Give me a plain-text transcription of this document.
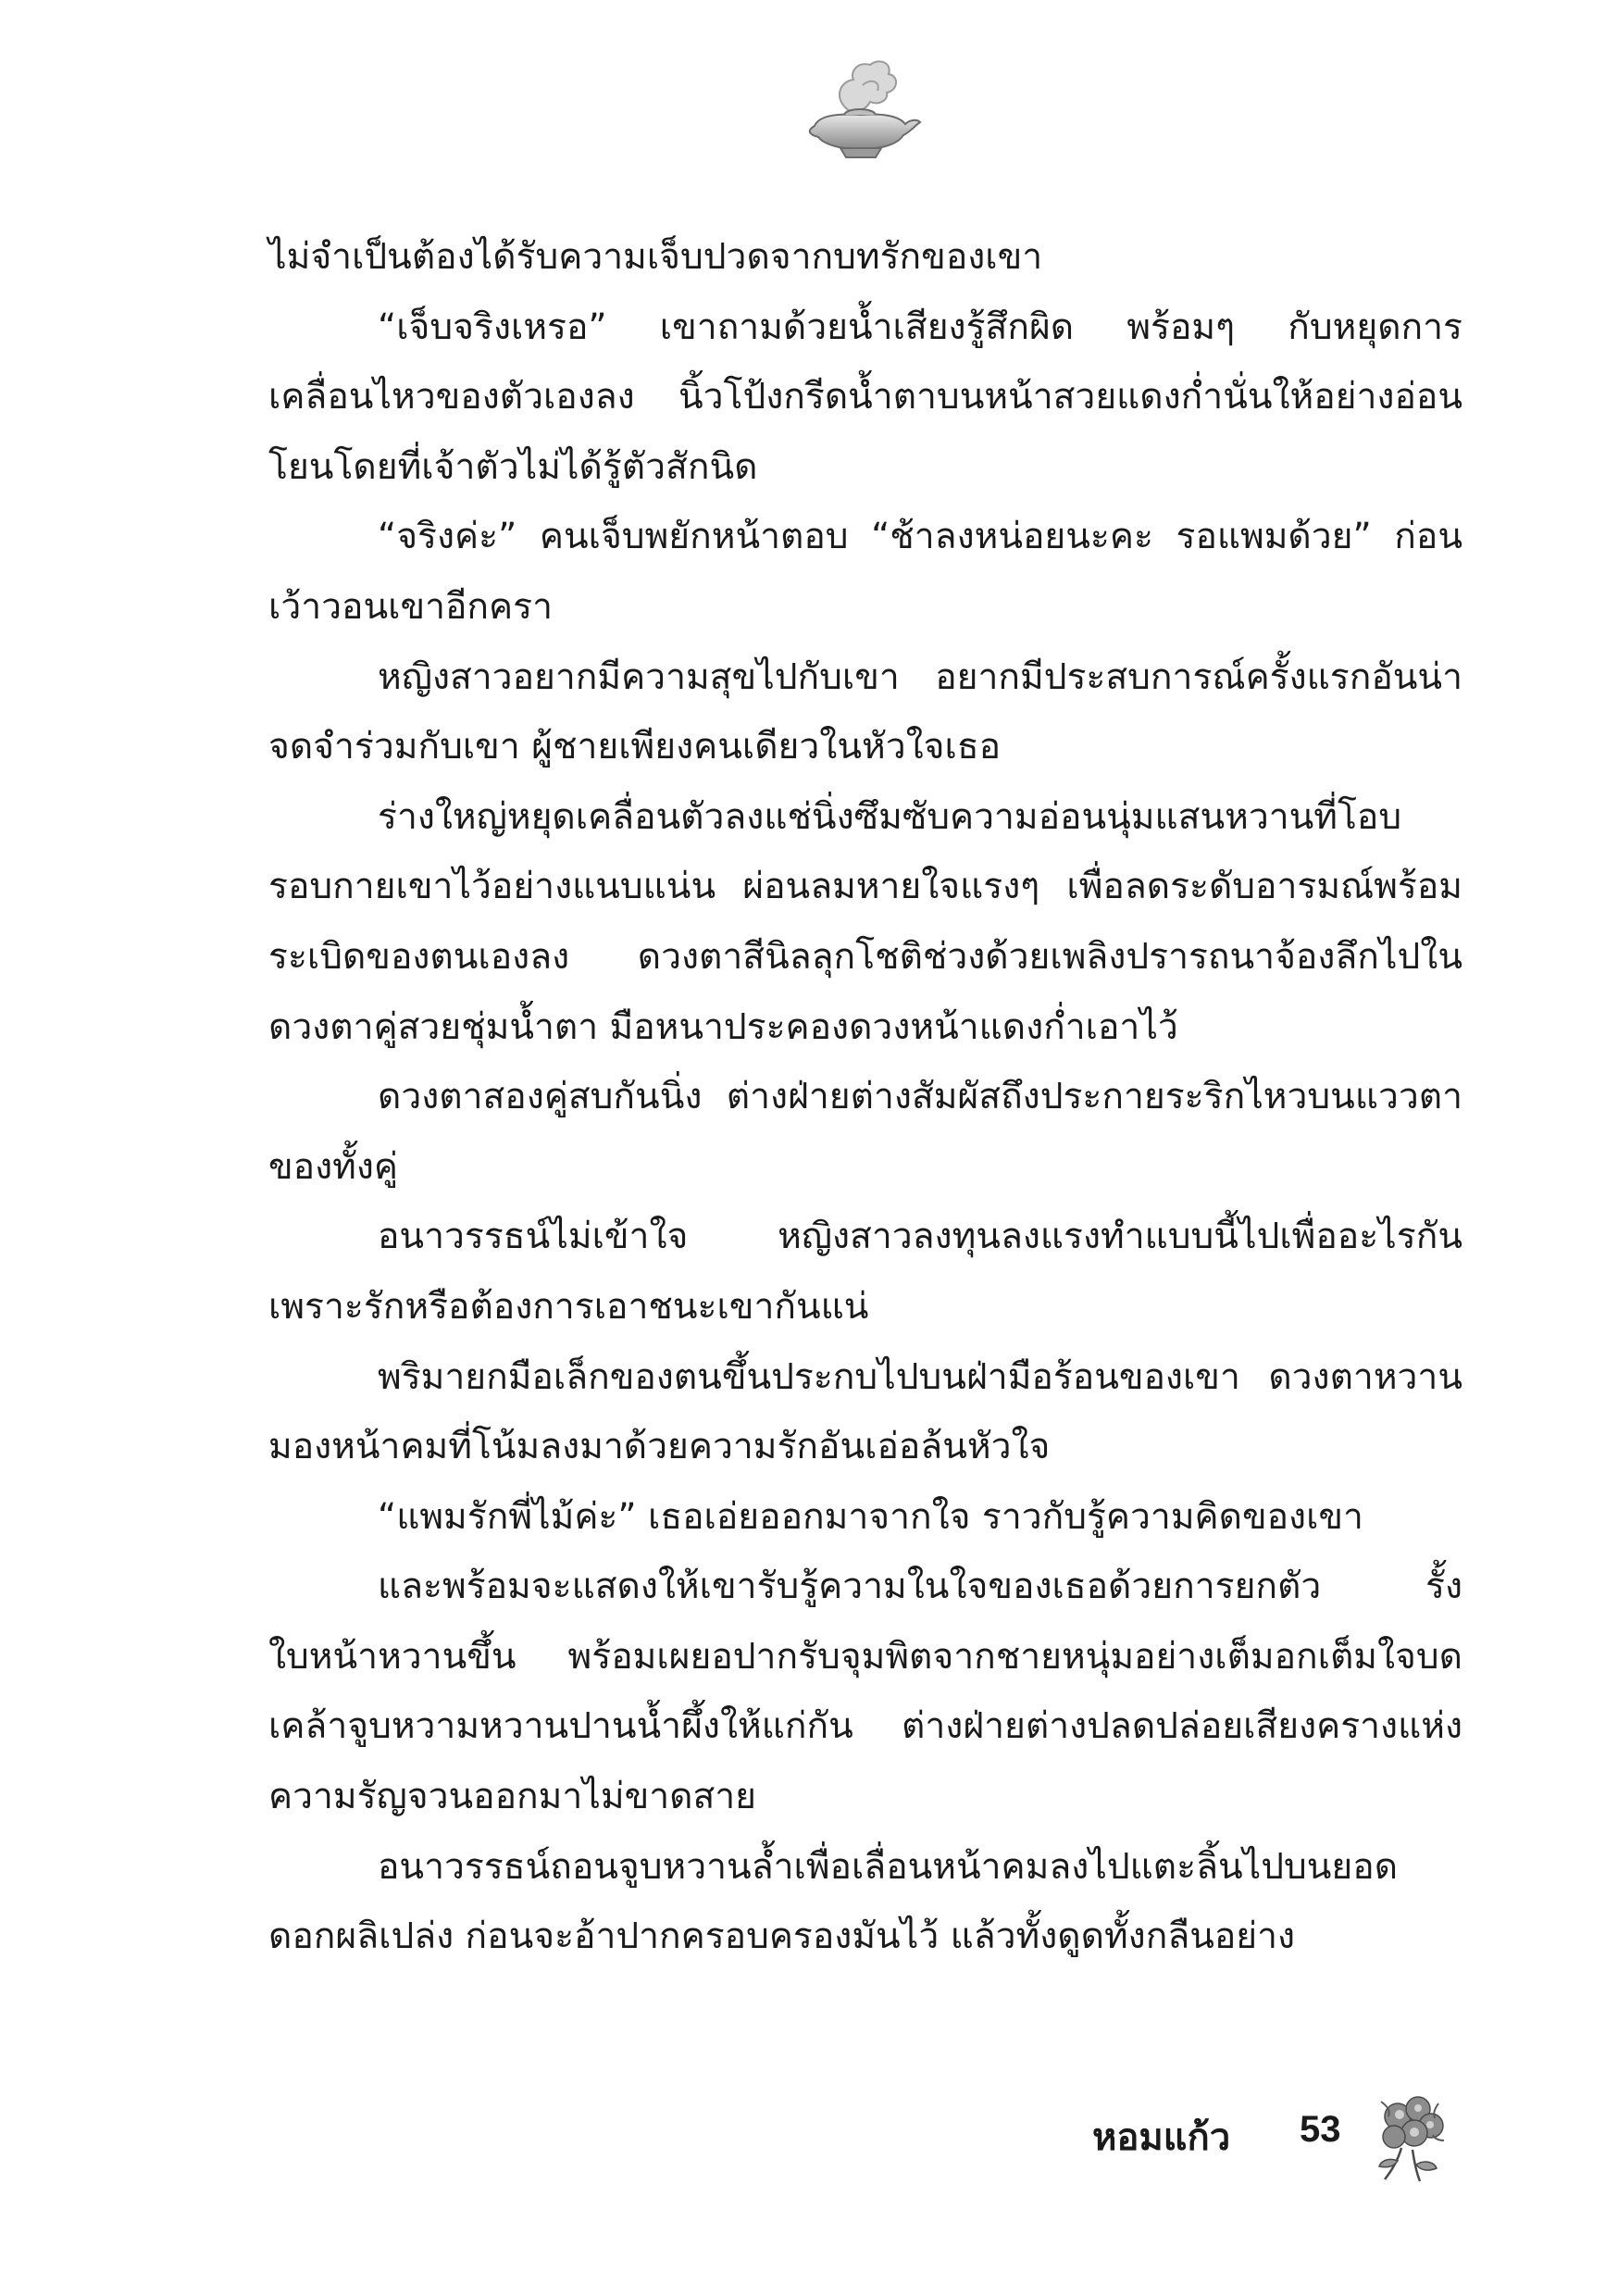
ไม่จำเป็นต้องได้รับความเจ็บปวดจากบทรักของเขา

“เจ็บจริงเหรอ” เขาถามด้วยน้ำเสียงรู้สึกผิด พร้อมๆ กับหยุดการเคลื่อนไหวของตัวเองลง นิ้วโป้งกรีดน้ำตาบนหน้าสวยแดงก่ำนั่นให้อย่างอ่อนโยนโดยที่เจ้าตัวไม่ได้รู้ตัวสักนิด

“จริงค่ะ” คนเจ็บพยักหน้าตอบ “ช้าลงหน่อยนะคะ รอแพมด้วย” ก่อนเว้าวอนเขาอีกครา

หญิงสาวอยากมีความสุขไปกับเขา อยากมีประสบการณ์ครั้งแรกอันน่าจดจำร่วมกับเขา ผู้ชายเพียงคนเดียวในหัวใจเธอ

ร่างใหญ่หยุดเคลื่อนตัวลงแช่นิ่งซึมซับความอ่อนนุ่มแสนหวานที่โอบรอบกายเขาไว้อย่างแนบแน่น ผ่อนลมหายใจแรงๆ เพื่อลดระดับอารมณ์พร้อมระเบิดของตนเองลง ดวงตาสีนิลลุกโชติช่วงด้วยเพลิงปรารถนาจ้องลึกไปในดวงตาคู่สวยชุ่มน้ำตา มือหนาประคองดวงหน้าแดงก่ำเอาไว้

ดวงตาสองคู่สบกันนิ่ง ต่างฝ่ายต่างสัมผัสถึงประกายระริกไหวบนแววตาของทั้งคู่

อนาวรรธน์ไม่เข้าใจ หญิงสาวลงทุนลงแรงทำแบบนี้ไปเพื่ออะไรกันเพราะรักหรือต้องการเอาชนะเขากันแน่

พริมายกมือเล็กของตนขึ้นประกบไปบนฝ่ามือร้อนของเขา ดวงตาหวานมองหน้าคมที่โน้มลงมาด้วยความรักอันเอ่อล้นหัวใจ

“แพมรักพี่ไม้ค่ะ” เธอเอ่ยออกมาจากใจ ราวกับรู้ความคิดของเขา

และพร้อมจะแสดงให้เขารับรู้ความในใจของเธอด้วยการยกตัว รั้งใบหน้าหวานขึ้น พร้อมเผยอปากรับจุมพิตจากชายหนุ่มอย่างเต็มอกเต็มใจบดเคล้าจูบหวามหวานปานน้ำผึ้งให้แก่กัน ต่างฝ่ายต่างปลดปล่อยเสียงครางแห่งความรัญจวนออกมาไม่ขาดสาย

อนาวรรธน์ถอนจูบหวานล้ำเพื่อเลื่อนหน้าคมลงไปแตะลิ้นไปบนยอดดอกผลิเปล่ง ก่อนจะอ้าปากครอบครองมันไว้ แล้วทั้งดูดทั้งกลืนอย่าง

หอมแก้ว 53
